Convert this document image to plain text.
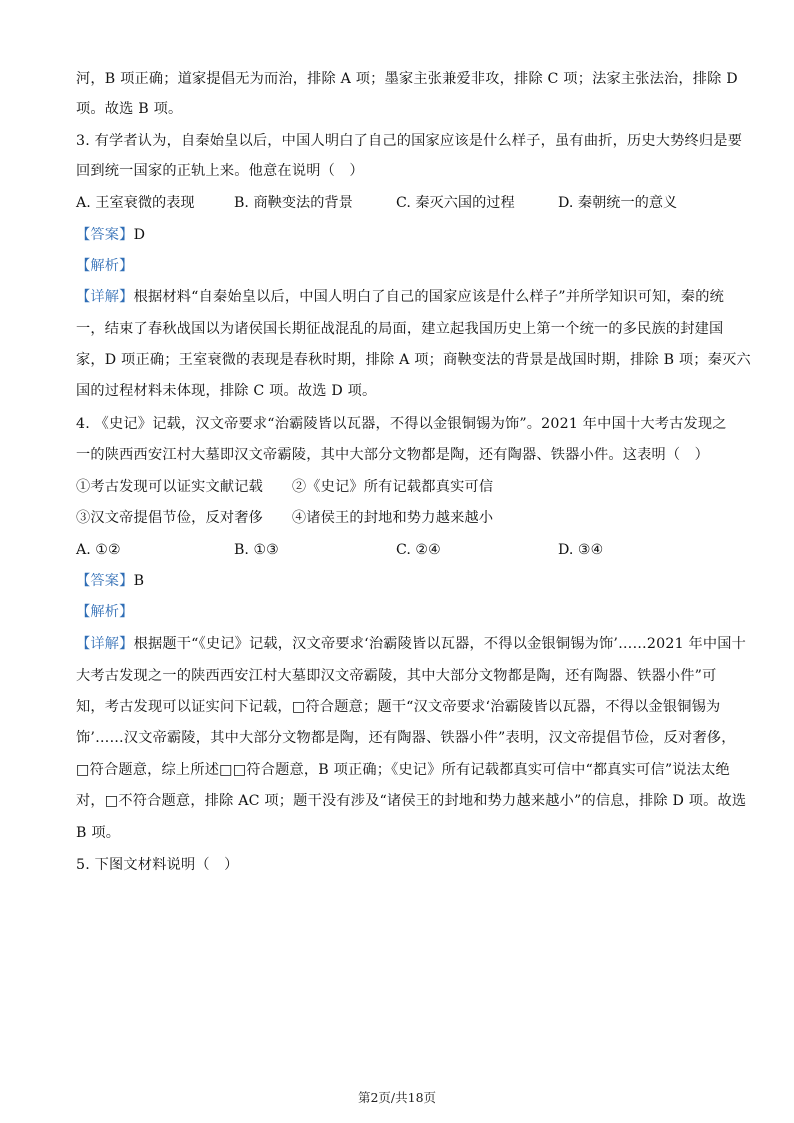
河，B 项正确；道家提倡无为而治，排除 A 项；墨家主张兼爱非攻，排除 C 项；法家主张法治，排除 D
项。故选 B 项。
3. 有学者认为，自秦始皇以后，中国人明白了自己的国家应该是什么样子，虽有曲折，历史大势终归是要
回到统一国家的正轨上来。他意在说明（　）
A. 王室衰微的表现	B. 商鞅变法的背景	C. 秦灭六国的过程	D. 秦朝统一的意义
【答案】D
【解析】
【详解】根据材料“自秦始皇以后，中国人明白了自己的国家应该是什么样子”并所学知识可知，秦的统
一，结束了春秋战国以为诸侯国长期征战混乱的局面，建立起我国历史上第一个统一的多民族的封建国
家，D 项正确；王室衰微的表现是春秋时期，排除 A 项；商鞅变法的背景是战国时期，排除 B 项；秦灭六
国的过程材料未体现，排除 C 项。故选 D 项。
4. 《史记》记载，汉文帝要求“治霸陵皆以瓦器，不得以金银铜锡为饰”。2021 年中国十大考古发现之
一的陕西西安江村大墓即汉文帝霸陵，其中大部分文物都是陶，还有陶器、铁器小件。这表明（　）
①考古发现可以证实文献记载　　②《史记》所有记载都真实可信
③汉文帝提倡节俭，反对奢侈　　④诸侯王的封地和势力越来越小
A. ①②	B. ①③	C. ②④	D. ③④
【答案】B
【解析】
【详解】根据题干“《史记》记载，汉文帝要求‘治霸陵皆以瓦器，不得以金银铜锡为饰’……2021 年中国十
大考古发现之一的陕西西安江村大墓即汉文帝霸陵，其中大部分文物都是陶，还有陶器、铁器小件”可
知，考古发现可以证实问下记载，□符合题意；题干“汉文帝要求‘治霸陵皆以瓦器，不得以金银铜锡为
饰’……汉文帝霸陵，其中大部分文物都是陶，还有陶器、铁器小件”表明，汉文帝提倡节俭，反对奢侈，
□符合题意，综上所述□□符合题意，B 项正确；《史记》所有记载都真实可信中“都真实可信”说法太绝
对，□不符合题意，排除 AC 项；题干没有涉及“诸侯王的封地和势力越来越小”的信息，排除 D 项。故选
B 项。
5. 下图文材料说明（　）
第2页/共18页
